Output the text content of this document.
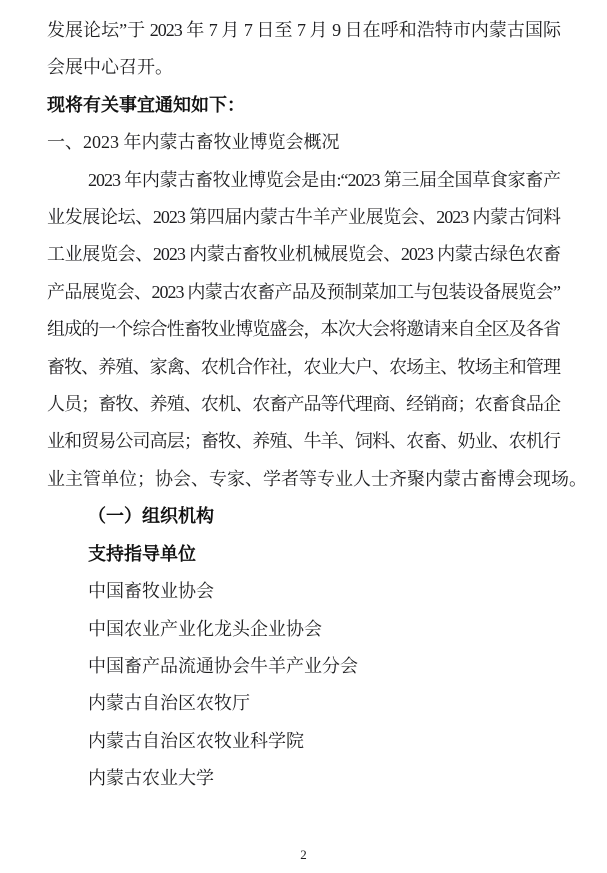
发展论坛”于 2023 年 7 月 7 日至 7 月 9 日在呼和浩特市内蒙古国际
会展中心召开。
现将有关事宜通知如下：
一、2023 年内蒙古畜牧业博览会概况
2023 年内蒙古畜牧业博览会是由:“2023 第三届全国草食家畜产
业发展论坛、2023 第四届内蒙古牛羊产业展览会、2023 内蒙古饲料
工业展览会、2023 内蒙古畜牧业机械展览会、2023 内蒙古绿色农畜
产品展览会、2023 内蒙古农畜产品及预制菜加工与包装设备展览会”
组成的一个综合性畜牧业博览盛会，本次大会将邀请来自全区及各省
畜牧、养殖、家禽、农机合作社，农业大户、农场主、牧场主和管理
人员；畜牧、养殖、农机、农畜产品等代理商、经销商；农畜食品企
业和贸易公司高层；畜牧、养殖、牛羊、饲料、农畜、奶业、农机行
业主管单位；协会、专家、学者等专业人士齐聚内蒙古畜博会现场。
（一）组织机构
支持指导单位
中国畜牧业协会
中国农业产业化龙头企业协会
中国畜产品流通协会牛羊产业分会
内蒙古自治区农牧厅
内蒙古自治区农牧业科学院
内蒙古农业大学
2
